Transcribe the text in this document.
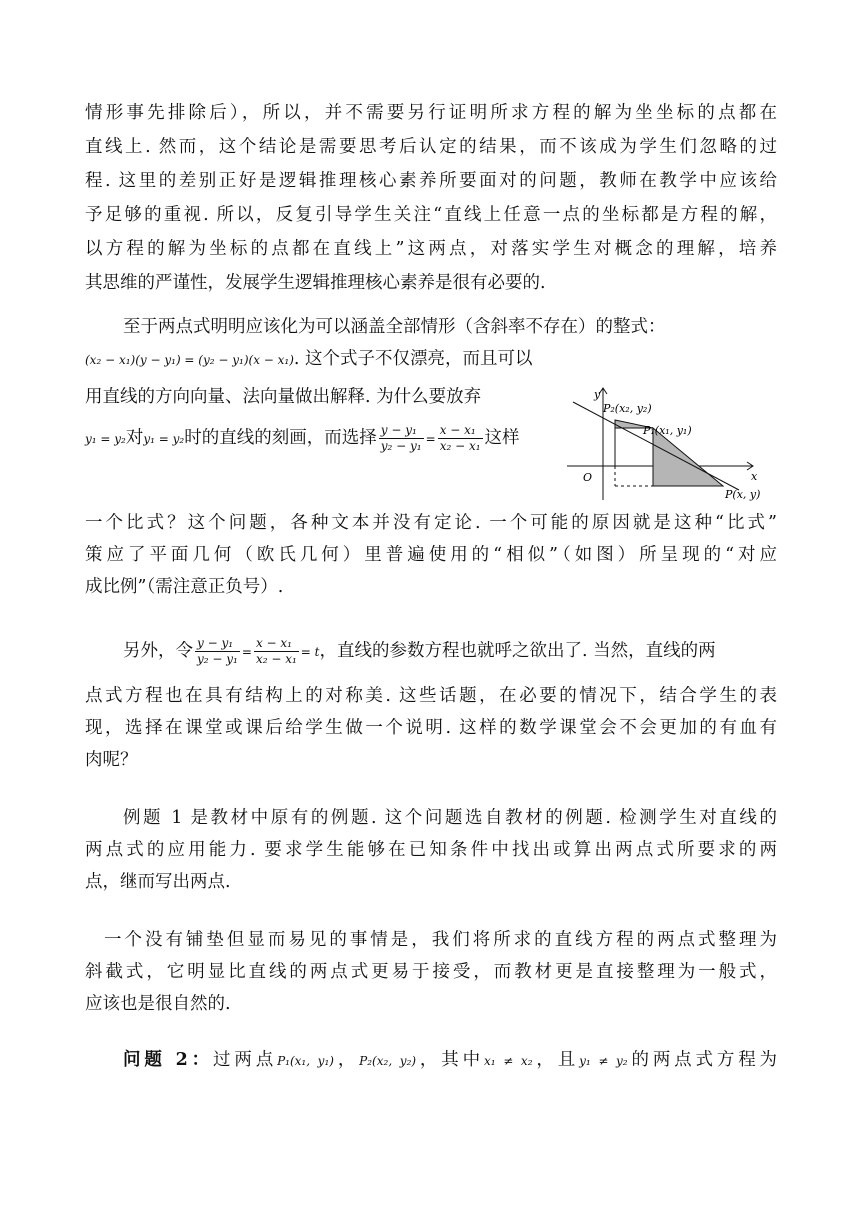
情形事先排除后），所以，并不需要另行证明所求方程的解为坐坐标的点都在
直线上. 然而，这个结论是需要思考后认定的结果，而不该成为学生们忽略的过
程. 这里的差别正好是逻辑推理核心素养所要面对的问题，教师在教学中应该给
予足够的重视. 所以，反复引导学生关注“直线上任意一点的坐标都是方程的解，
以方程的解为坐标的点都在直线上”这两点，对落实学生对概念的理解，培养
其思维的严谨性，发展学生逻辑推理核心素养是很有必要的.
至于两点式明明应该化为可以涵盖全部情形（含斜率不存在）的整式：
(x₂ − x₁)(y − y₁) = (y₂ − y₁)(x − x₁). 这个式子不仅漂亮，而且可以
用直线的方向向量、法向量做出解释. 为什么要放弃
y₁ = y₂对y₁ = y₂时的直线的刻画，而选择 $\frac{\text{y − y₁}}{\text{y₂ − y₁}} = \frac{\text{x − x₁}}{\text{x₂ − x₁}}$ 这样
y
x
O
P₂(x₂, y₂)
P₁(x₁, y₁)
P(x, y)
一个比式？这个问题，各种文本并没有定论. 一个可能的原因就是这种“比式”
策应了平面几何（欧氏几何）里普遍使用的“相似”（如图）所呈现的“对应
成比例”（需注意正负号）.
另外，令 $\frac{\text{y − y₁}}{\text{y₂ − y₁}} = \frac{\text{x − x₁}}{\text{x₂ − x₁}} = t$，直线的参数方程也就呼之欲出了. 当然，直线的两
点式方程也在具有结构上的对称美. 这些话题，在必要的情况下，结合学生的表
现，选择在课堂或课后给学生做一个说明. 这样的数学课堂会不会更加的有血有
肉呢？
例题 1 是教材中原有的例题. 这个问题选自教材的例题. 检测学生对直线的
两点式的应用能力. 要求学生能够在已知条件中找出或算出两点式所要求的两
点，继而写出两点.
一个没有铺垫但显而易见的事情是，我们将所求的直线方程的两点式整理为
斜截式，它明显比直线的两点式更易于接受，而教材更是直接整理为一般式，
应该也是很自然的.
问题 2：过两点P₁(x₁, y₁)，P₂(x₂, y₂)，其中x₁ ≠ x₂，且y₁ ≠ y₂的两点式方程为
